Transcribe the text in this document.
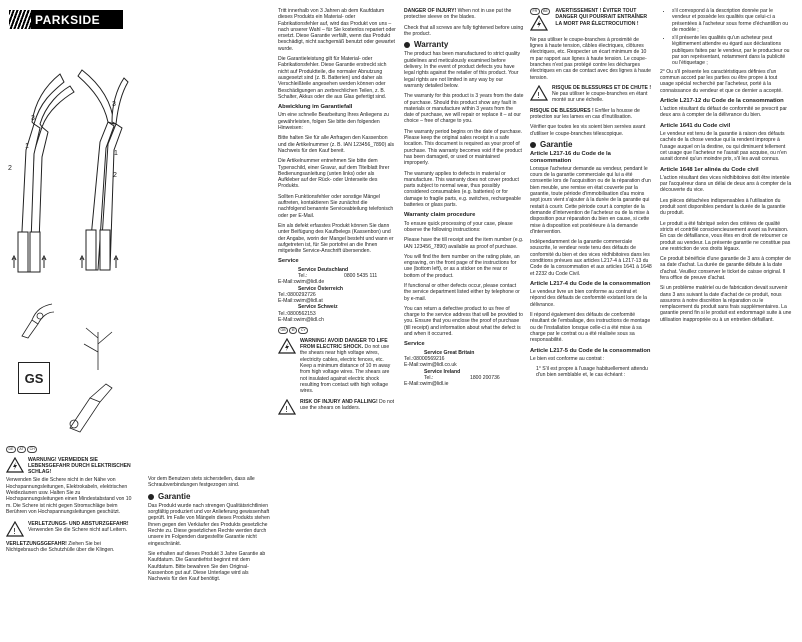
PARKSIDE
3
1
2
3
1
2
GS
DE AT CH
WARNUNG! VERMEIDEN SIE LEBENSGEFAHR DURCH ELEKTRISCHEN SCHLAG!
Verwenden Sie die Schere nicht in der Nähe von Hochspannungsleitungen, Elektrokabeln, elektrischen Weidezäunen usw. Halten Sie zu Hochspannungsleitungen einen Mindestabstand von 10 m. Die Schere ist nicht gegen Stromschläge beim Berühren von Hochspannungsleitungen geschützt.
!
VERLETZUNGS- UND ABSTURZGEFAHR!
Verwenden Sie die Schere nicht auf Leitern.
VERLETZUNGSGEFAHR! Ziehen Sie bei Nichtgebrauch die Schutzhülle über die Klingen.

Vor dem Benutzen stets sicherstellen, dass alle Schraubverbindungen festgezogen sind.

Garantie

Das Produkt wurde nach strengen Qualitätsrichtlinien sorgfältig produziert und vor Anlieferung gewissenhaft geprüft. Im Falle von Mängeln dieses Produkts stehen Ihnen gegen den Verkäufer des Produkts gesetzliche Rechte zu. Diese gesetzlichen Rechte werden durch unsere im Folgenden dargestellte Garantie nicht eingeschränkt.

Sie erhalten auf dieses Produkt 3 Jahre Garantie ab Kaufdatum. Die Garantiefrist beginnt mit dem Kaufdatum. Bitte bewahren Sie den Original-Kassenbon gut auf. Diese Unterlage wird als Nachweis für den Kauf benötigt.

Tritt innerhalb von 3 Jahren ab dem Kaufdatum dieses Produkts ein Material- oder Fabrikationsfehler auf, wird das Produkt von uns – nach unserer Wahl – für Sie kostenlos repariert oder ersetzt. Diese Garantie verfällt, wenn das Produkt beschädigt, nicht sachgemäß benutzt oder gewartet wurde.

Die Garantieleistung gilt für Material- oder Fabrikationsfehler. Diese Garantie erstreckt sich nicht auf Produktteile, die normaler Abnutzung ausgesetzt sind (z. B. Batterien) und daher als Verschleißteile angesehen werden können oder Beschädigungen an zerbrechlichen Teilen, z. B. Schalter, Akkus oder die aus Glas gefertigt sind.

Abwicklung im Garantiefall

Um eine schnelle Bearbeitung Ihres Anliegens zu gewährleisten, folgen Sie bitte den folgenden Hinweisen:

Bitte halten Sie für alle Anfragen den Kassenbon und die Artikelnummer (z. B. IAN 123456_7890) als Nachweis für den Kauf bereit.

Die Artikelnummer entnehmen Sie bitte dem Typenschild, einer Gravur, auf dem Titelblatt Ihrer Bedienungsanleitung (unten links) oder als Aufkleber auf der Rück- oder Unterseite des Produkts.

Sollten Funktionsfehler oder sonstige Mängel auftreten, kontaktieren Sie zunächst die nachfolgend benannte Serviceabteilung telefonisch oder per E-Mail.

Ein als defekt erfasstes Produkt können Sie dann unter Beifügung des Kaufbelegs (Kassenbon) und der Angabe, worin der Mangel besteht und wann er aufgetreten ist, für Sie portofrei an die Ihnen mitgeteilte Service-Anschrift übersenden.

Service
Service Deutschland
Tel.:	0800 5435 111
E-Mail:owim@lidl.de
Service Österreich
Tel.:0800292726
E-Mail:owim@lidl.at
Service Schweiz
Tel.:0800562153
E-Mail:owim@lidl.ch
GB IE CY
WARNING! AVOID DANGER TO LIFE FROM ELECTRIC SHOCK. Do not use the shears near high voltage wires, electricity cables, electric fences, etc. Keep a minimum distance of 10 m away from high voltage wires. The shears are not insulated against electric shock resulting from contact with high voltage wires.
!
RISK OF INJURY AND FALLING! Do not use the shears on ladders.

DANGER OF INJURY! When not in use put the protective sleeve on the blades.

Check that all screws are fully tightened before using the product.

Warranty

The product has been manufactured to strict quality guidelines and meticulously examined before delivery. In the event of product defects you have legal rights against the retailer of this product. Your legal rights are not limited in any way by our warranty detailed below.

The warranty for this product is 3 years from the date of purchase. Should this product show any fault in materials or manufacture within 3 years from the date of purchase, we will repair or replace it – at our choice – free of charge to you.

The warranty period begins on the date of purchase. Please keep the original sales receipt in a safe location. This document is required as your proof of purchase. This warranty becomes void if the product has been damaged, or used or maintained improperly.

The warranty applies to defects in material or manufacture. This warranty does not cover product parts subject to normal wear, thus possibly considered consumables (e.g. batteries) or for damage to fragile parts, e.g. switches, rechargeable batteries or glass parts.

Warranty claim procedure

To ensure quick processing of your case, please observe the following instructions:

Please have the till receipt and the item number (e.g. IAN 123456_7890) available as proof of purchase.

You will find the item number on the rating plate, an engraving, on the front page of the instructions for use (bottom left), or as a sticker on the rear or bottom of the product.

If functional or other defects occur, please contact the service department listed either by telephone or by e-mail.

You can return a defective product to us free of charge to the service address that will be provided to you. Ensure that you enclose the proof of purchase (till receipt) and information about what the defect is and when it occurred.

Service
Service Great Britain
Tel.:08000569216
E-Mail:owim@lidl.co.uk
Service Ireland
Tel.:	1800 200736
E-Mail:owim@lidl.ie
FR BE	AVERTISSEMENT ! ÉVITER TOUT DANGER QUI POURRAIT ENTRAÎNER LA MORT PAR ÉLECTROCUTION !

Ne pas utiliser le coupe-branches à proximité de lignes à haute tension, câbles électriques, clôtures électriques, etc. Respecter un écart minimum de 10 m par rapport aux lignes à haute tension. Le coupe-branches n'est pas protégé contre les décharges électriques en cas de contact avec des lignes à haute tension.

!
RISQUE DE BLESSURES ET DE CHUTE ! Ne pas utiliser le coupe-branches en étant monté sur une échelle.

RISQUE DE BLESSURES ! Enfiler la housse de protection sur les lames en cas d'inutilisation.

Vérifier que toutes les vis soient bien serrées avant d'utiliser le coupe-branches télescopique.

Garantie
Article L217-16 du Code de la consommation

Lorsque l'acheteur demande au vendeur, pendant le cours de la garantie commerciale qui lui a été consentie lors de l'acquisition ou de la réparation d'un bien meuble, une remise en état couverte par la garantie, toute période d'immobilisation d'au moins sept jours vient s'ajouter à la durée de la garantie qui restait à courir. Cette période court à compter de la demande d'intervention de l'acheteur ou de la mise à disposition pour réparation du bien en cause, si cette mise à disposition est postérieure à la demande d'intervention.

Indépendamment de la garantie commerciale souscrite, le vendeur reste tenu des défauts de conformité du bien et des vices rédhibitoires dans les conditions prévues aux articles L217-4 à L217-13 du Code de la consommation et aux articles 1641 à 1648 et 2232 du Code Civil.

Article L217-4 du Code de la consommation

Le vendeur livre un bien conforme au contrat et répond des défauts de conformité existant lors de la délivrance.

Il répond également des défauts de conformité résultant de l'emballage, des instructions de montage ou de l'installation lorsque celle-ci a été mise à sa charge par le contrat ou a été réalisée sous sa responsabilité.

Article L217-5 du Code de la consommation

Le bien est conforme au contrat :

1° S'il est propre à l'usage habituellement attendu d'un bien semblable et, le cas échéant :

• s'il correspond à la description donnée par le vendeur et possède les qualités que celui-ci a présentées à l'acheteur sous forme d'échantillon ou de modèle ;
• s'il présente les qualités qu'un acheteur peut légitimement attendre eu égard aux déclarations publiques faites par le vendeur, par le producteur ou par son représentant, notamment dans la publicité ou l'étiquetage ;

2° Ou s'il présente les caractéristiques définies d'un commun accord par les parties ou être propre à tout usage spécial recherché par l'acheteur, porté à la connaissance du vendeur et que ce dernier a accepté.

Article L217-12 du Code de la consommation

L'action résultant du défaut de conformité se prescrit par deux ans à compter de la délivrance du bien.

Article 1641 du Code civil

Le vendeur est tenu de la garantie à raison des défauts cachés de la chose vendue qui la rendent impropre à l'usage auquel on la destine, ou qui diminuent tellement cet usage que l'acheteur ne l'aurait pas acquise, ou n'en aurait donné qu'un moindre prix, s'il les avait connus.

Article 1648 1er alinéa du Code civil

L'action résultant des vices rédhibitoires doit être intentée par l'acquéreur dans un délai de deux ans à compter de la découverte du vice.

Les pièces détachées indispensables à l'utilisation du produit sont disponibles pendant la durée de la garantie du produit.

Le produit a été fabriqué selon des critères de qualité stricts et contrôlé consciencieusement avant sa livraison. En cas de défaillance, vous êtes en droit de retourner ce produit au vendeur. La présente garantie ne constitue pas une restriction de vos droits légaux.

Ce produit bénéficie d'une garantie de 3 ans à compter de sa date d'achat. La durée de garantie débute à la date d'achat. Veuillez conserver le ticket de caisse original. Il fera office de preuve d'achat.

Si un problème matériel ou de fabrication devait survenir dans 3 ans suivant la date d'achat de ce produit, nous assurons à notre discrétion la réparation ou le remplacement du produit sans frais supplémentaires. La garantie prend fin si le produit est endommagé suite à une utilisation inappropriée ou à un entretien défaillant.
